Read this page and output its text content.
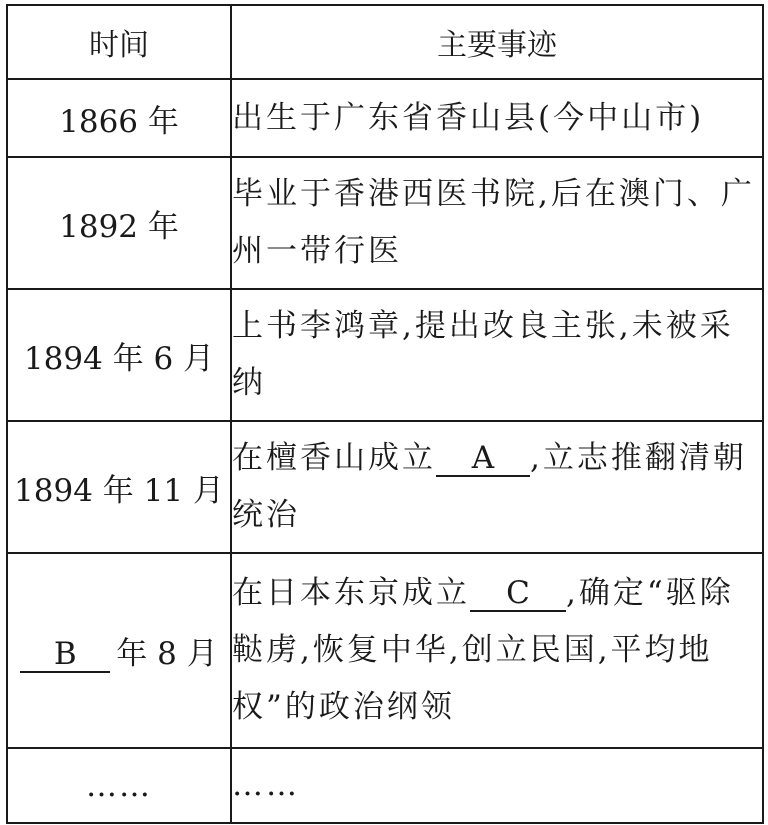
时间	主要事迹
1866 年	出生于广东省香山县(今中山市)
1892 年	毕业于香港西医书院,后在澳门、广州一带行医
1894 年 6 月	上书李鸿章,提出改良主张,未被采纳
1894 年 11 月	在檀香山成立 A ,立志推翻清朝统治
B 年 8 月	在日本东京成立 C ,确定“驱除鞑虏,恢复中华,创立民国,平均地权”的政治纲领
……	……
